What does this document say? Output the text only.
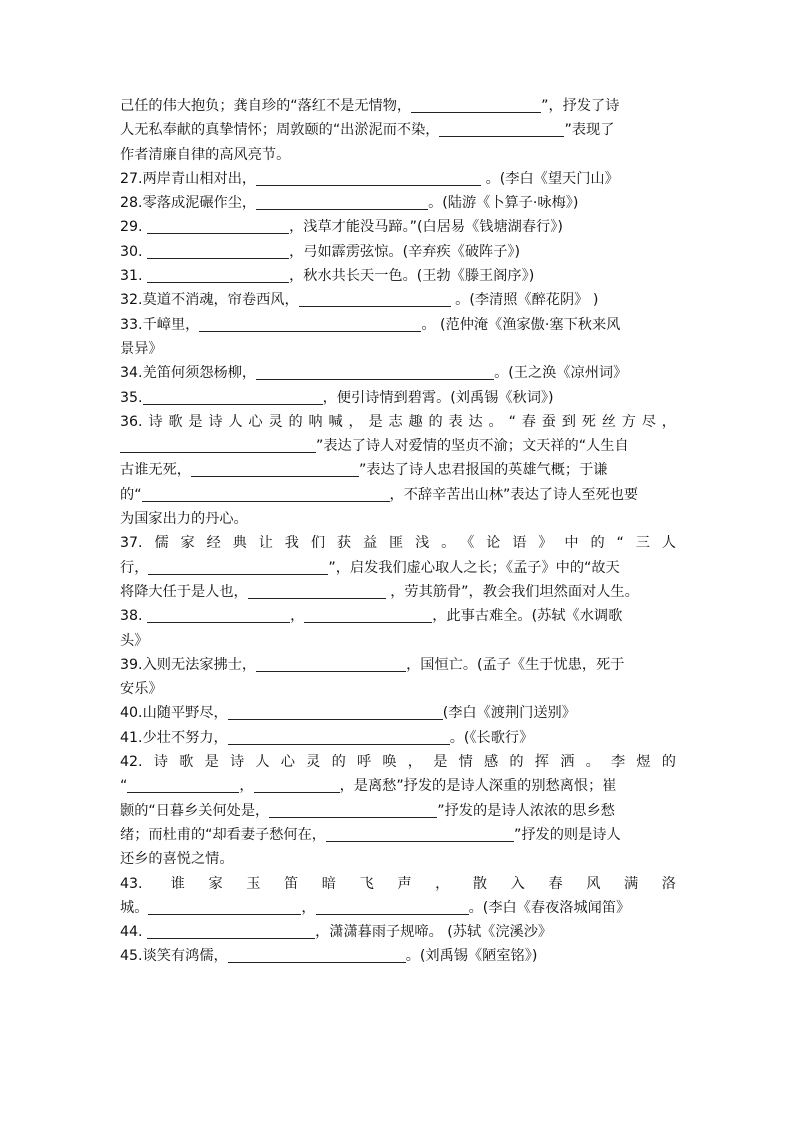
己任的伟大抱负；龚自珍的“落红不是无情物，	”，抒发了诗
人无私奉献的真挚情怀；周敦颐的“出淤泥而不染，	”表现了
作者清廉自律的高风亮节。
27.两岸青山相对出，	。(李白《望天门山》
28.零落成泥碾作尘，	。(陆游《卜算子·咏梅》)
29.	，浅草才能没马蹄。”(白居易《钱塘湖春行》)
30.	，弓如霹雳弦惊。(辛弃疾《破阵子》)
31.	，秋水共长天一色。(王勃《滕王阁序》)
32.莫道不消魂，帘卷西风，	。(李清照《醉花阴》 )
33.千嶂里，	。 (范仲淹《渔家傲·塞下秋来风
景异》
34.羌笛何须怨杨柳，	。(王之涣《凉州词》
35.	，便引诗情到碧霄。(刘禹锡《秋词》)
36.诗歌是诗人心灵的呐喊，是志趣的表达。“春蚕到死丝方尽，
”表达了诗人对爱情的坚贞不渝；文天祥的“人生自
古谁无死，	”表达了诗人忠君报国的英雄气概；于谦
的“	，不辞辛苦出山林”表达了诗人至死也要
为国家出力的丹心。
37.儒家经典让我们获益匪浅。《论语》中的“三人
行，	”，启发我们虚心取人之长；《孟子》中的“故天
将降大任于是人也，	，劳其筋骨”，教会我们坦然面对人生。
38.	，	，此事古难全。(苏轼《水调歌
头》
39.入则无法家拂士，	，国恒亡。(孟子《生于忧患，死于
安乐》
40.山随平野尽，	(李白《渡荆门送别》
41.少壮不努力，	。(《长歌行》
42.诗歌是诗人心灵的呼唤，是情感的挥洒。李煜的
“	，	，是离愁”抒发的是诗人深重的别愁离恨；崔
颢的“日暮乡关何处是，	”抒发的是诗人浓浓的思乡愁
绪；而杜甫的“却看妻子愁何在，	”抒发的则是诗人
还乡的喜悦之情。
43. 谁家玉笛暗飞声，散入春风满洛
城。	，	。(李白《春夜洛城闻笛》
44.	，潇潇暮雨子规啼。 (苏轼《浣溪沙》
45.谈笑有鸿儒，	。(刘禹锡《陋室铭》)
